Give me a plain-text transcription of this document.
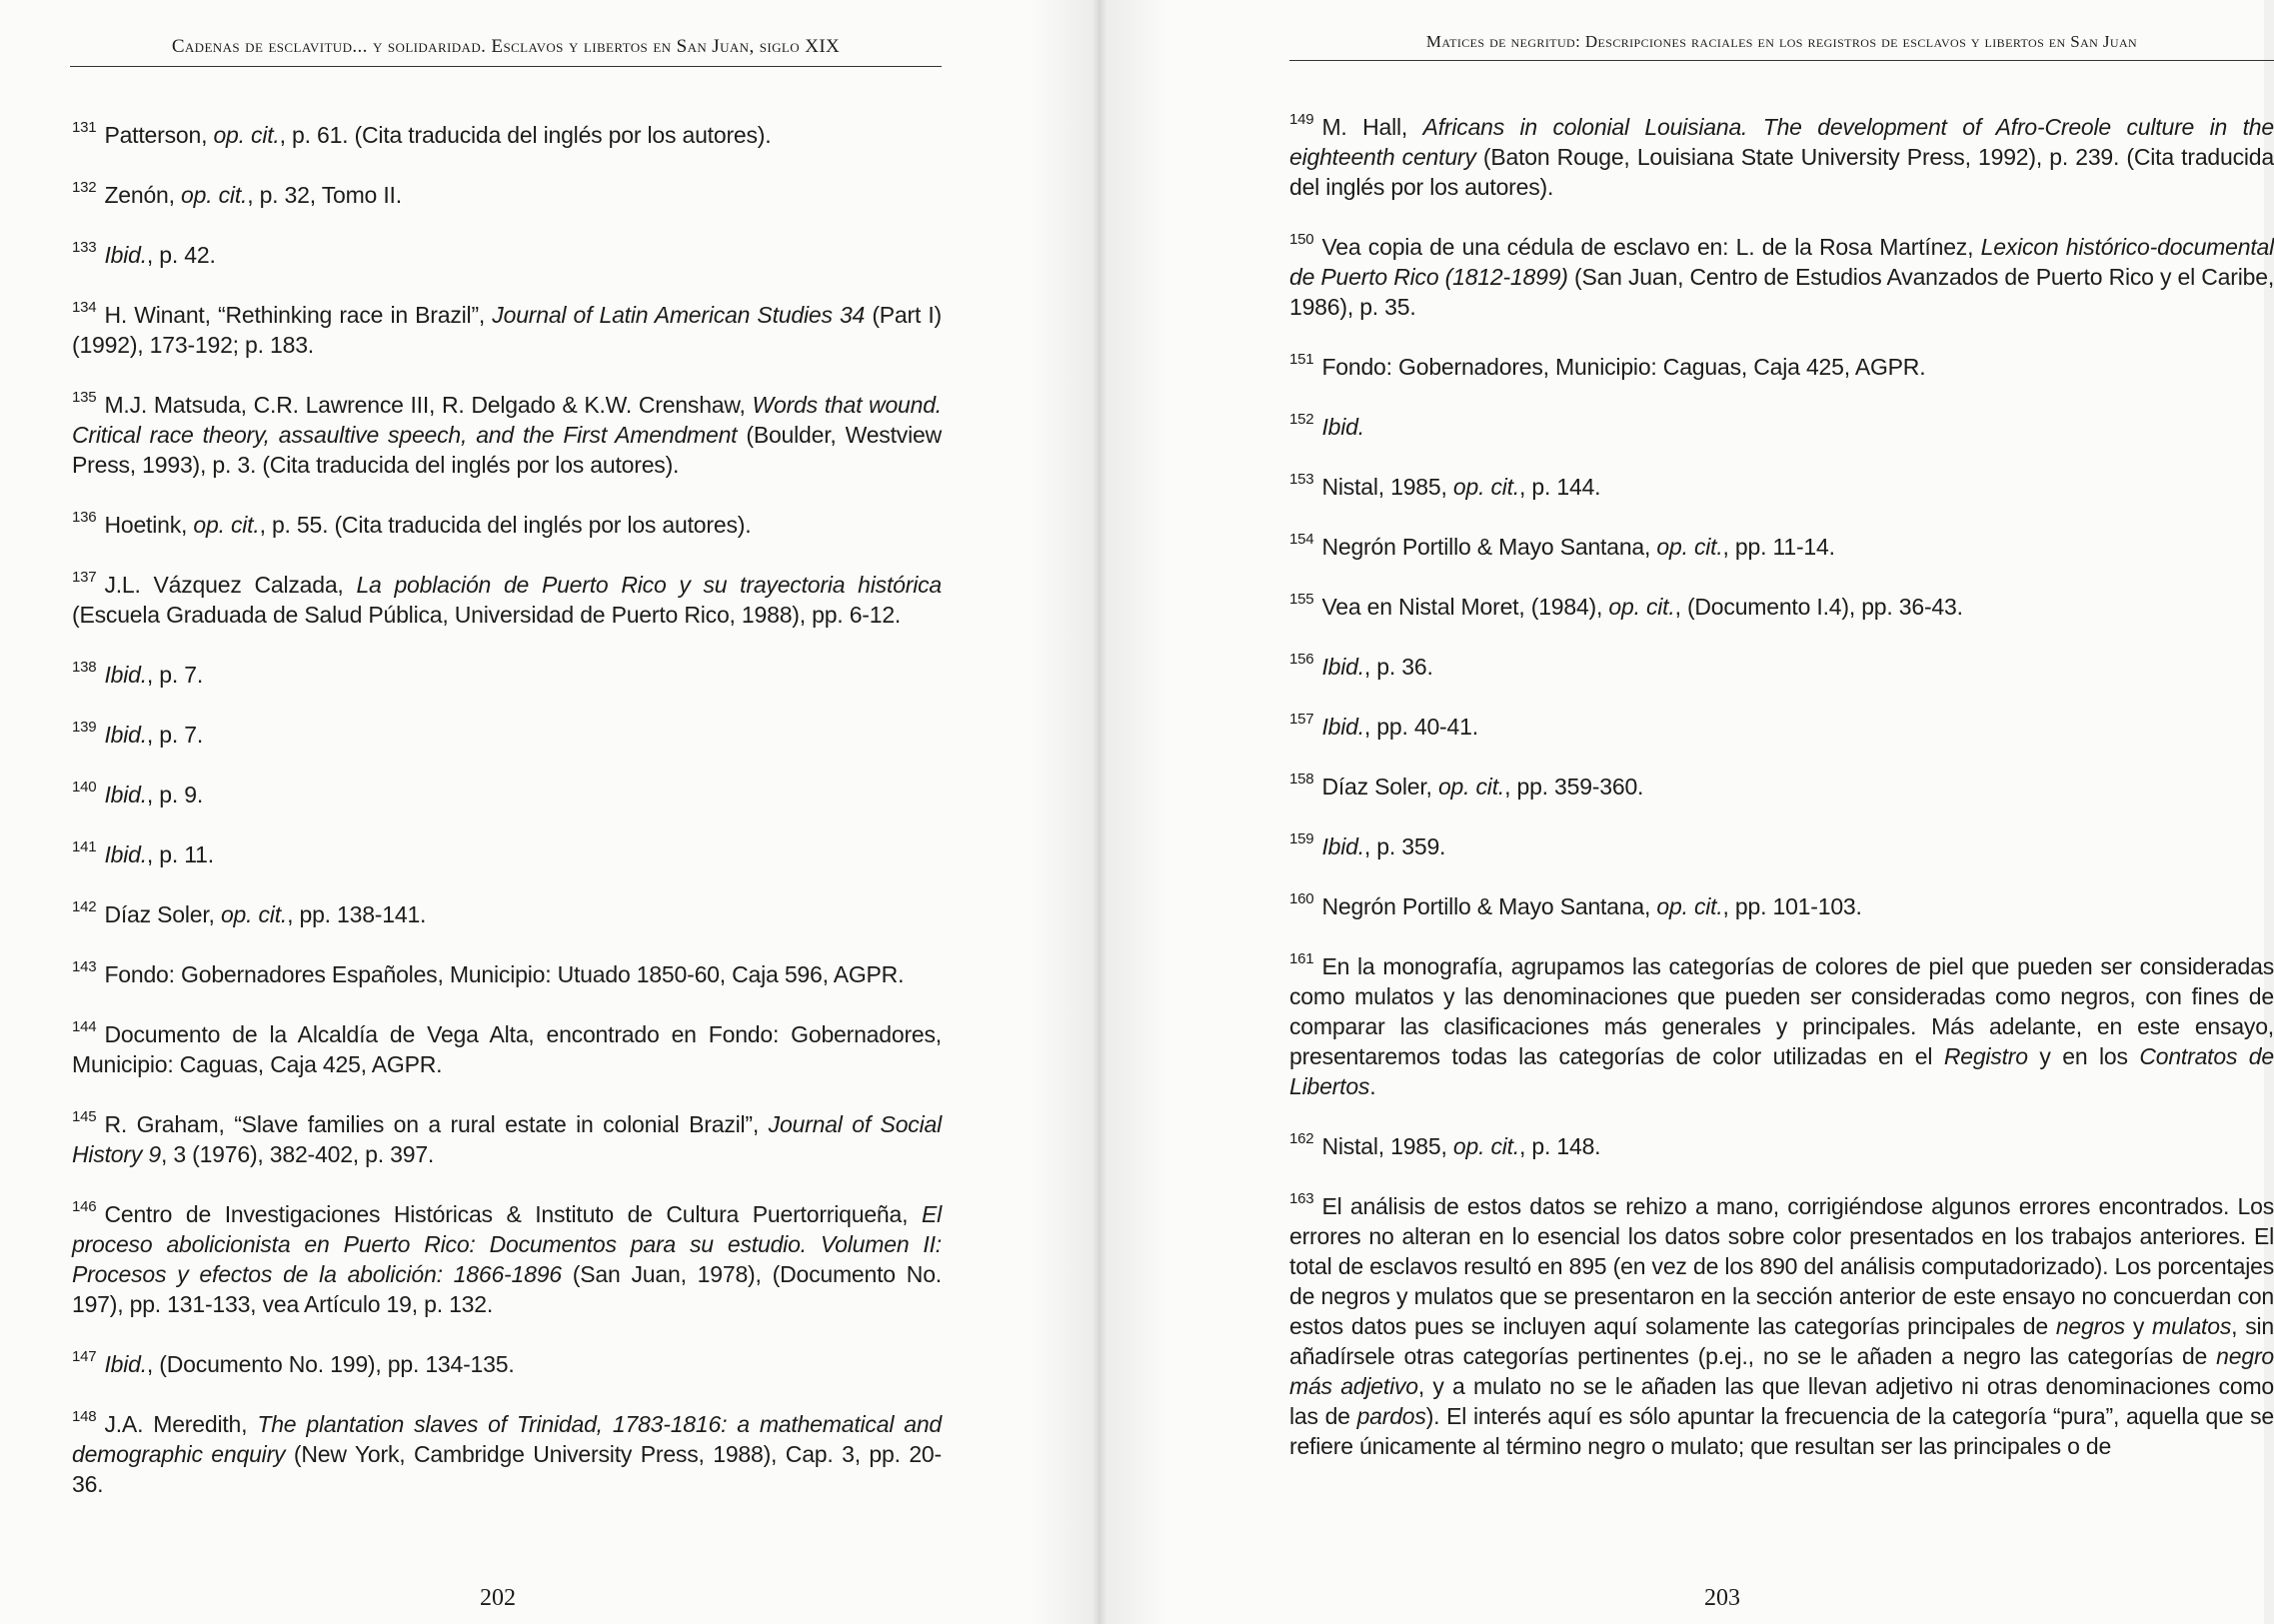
Cadenas de esclavitud... y solidaridad. Esclavos y libertos en San Juan, siglo XIX

$^{131}$ Patterson, op. cit., p. 61. (Cita traducida del inglés por los autores).

$^{132}$ Zenón, op. cit., p. 32, Tomo II.

$^{133}$ Ibid., p. 42.

$^{134}$ H. Winant, “Rethinking race in Brazil”, Journal of Latin American Studies 34 (Part I) (1992), 173-192; p. 183.

$^{135}$ M.J. Matsuda, C.R. Lawrence III, R. Delgado & K.W. Crenshaw, Words that wound. Critical race theory, assaultive speech, and the First Amendment (Boulder, Westview Press, 1993), p. 3. (Cita traducida del inglés por los autores).

$^{136}$ Hoetink, op. cit., p. 55. (Cita traducida del inglés por los autores).

$^{137}$ J.L. Vázquez Calzada, La población de Puerto Rico y su trayectoria histórica (Escuela Graduada de Salud Pública, Universidad de Puerto Rico, 1988), pp. 6-12.

$^{138}$ Ibid., p. 7.

$^{139}$ Ibid., p. 7.

$^{140}$ Ibid., p. 9.

$^{141}$ Ibid., p. 11.

$^{142}$ Díaz Soler, op. cit., pp. 138-141.

$^{143}$ Fondo: Gobernadores Españoles, Municipio: Utuado 1850-60, Caja 596, AGPR.

$^{144}$ Documento de la Alcaldía de Vega Alta, encontrado en Fondo: Gobernadores, Municipio: Caguas, Caja 425, AGPR.

$^{145}$ R. Graham, “Slave families on a rural estate in colonial Brazil”, Journal of Social History 9, 3 (1976), 382-402, p. 397.

$^{146}$ Centro de Investigaciones Históricas & Instituto de Cultura Puertorriqueña, El proceso abolicionista en Puerto Rico: Documentos para su estudio. Volumen II: Procesos y efectos de la abolición: 1866-1896 (San Juan, 1978), (Documento No. 197), pp. 131-133, vea Artículo 19, p. 132.

$^{147}$ Ibid., (Documento No. 199), pp. 134-135.

$^{148}$ J.A. Meredith, The plantation slaves of Trinidad, 1783-1816: a mathematical and demographic enquiry (New York, Cambridge University Press, 1988), Cap. 3, pp. 20-36.

202
Matices de negritud: Descripciones raciales en los registros de esclavos y libertos en San Juan

$^{149}$ M. Hall, Africans in colonial Louisiana. The development of Afro-Creole culture in the eighteenth century (Baton Rouge, Louisiana State University Press, 1992), p. 239. (Cita traducida del inglés por los autores).

$^{150}$ Vea copia de una cédula de esclavo en: L. de la Rosa Martínez, Lexicon histórico-documental de Puerto Rico (1812-1899) (San Juan, Centro de Estudios Avanzados de Puerto Rico y el Caribe, 1986), p. 35.

$^{151}$ Fondo: Gobernadores, Municipio: Caguas, Caja 425, AGPR.

$^{152}$ Ibid.

$^{153}$ Nistal, 1985, op. cit., p. 144.

$^{154}$ Negrón Portillo & Mayo Santana, op. cit., pp. 11-14.

$^{155}$ Vea en Nistal Moret, (1984), op. cit., (Documento I.4), pp. 36-43.

$^{156}$ Ibid., p. 36.

$^{157}$ Ibid., pp. 40-41.

$^{158}$ Díaz Soler, op. cit., pp. 359-360.

$^{159}$ Ibid., p. 359.

$^{160}$ Negrón Portillo & Mayo Santana, op. cit., pp. 101-103.

$^{161}$ En la monografía, agrupamos las categorías de colores de piel que pueden ser consideradas como mulatos y las denominaciones que pueden ser consideradas como negros, con fines de comparar las clasificaciones más generales y principales. Más adelante, en este ensayo, presentaremos todas las categorías de color utilizadas en el Registro y en los Contratos de Libertos.

$^{162}$ Nistal, 1985, op. cit., p. 148.

$^{163}$ El análisis de estos datos se rehizo a mano, corrigiéndose algunos errores encontrados. Los errores no alteran en lo esencial los datos sobre color presentados en los trabajos anteriores. El total de esclavos resultó en 895 (en vez de los 890 del análisis computadorizado). Los porcentajes de negros y mulatos que se presentaron en la sección anterior de este ensayo no concuerdan con estos datos pues se incluyen aquí solamente las categorías principales de negros y mulatos, sin añadírsele otras categorías pertinentes (p.ej., no se le añaden a negro las categorías de negro más adjetivo, y a mulato no se le añaden las que llevan adjetivo ni otras denominaciones como las de pardos). El interés aquí es sólo apuntar la frecuencia de la categoría “pura”, aquella que se refiere únicamente al término negro o mulato; que resultan ser las principales o de

203
